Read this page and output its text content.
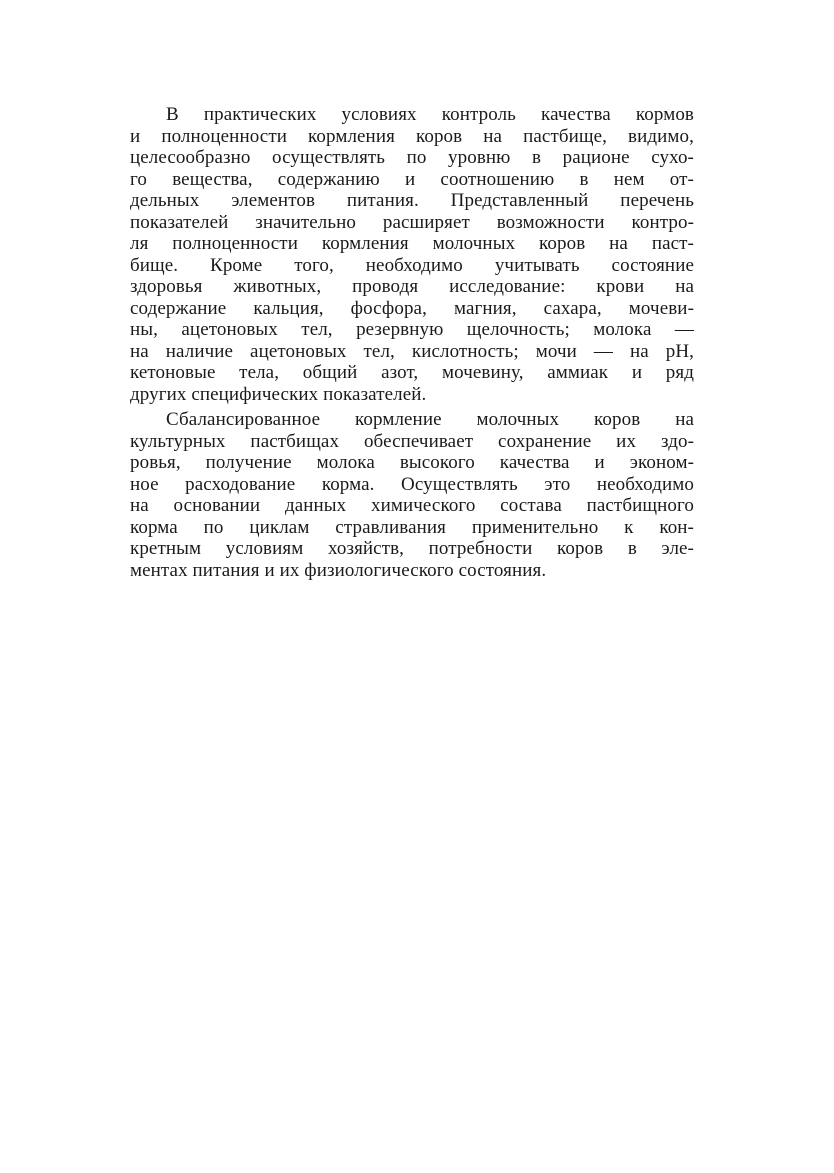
В практических условиях контроль качества кормов
и полноценности кормления коров на пастбище, видимо,
целесообразно осуществлять по уровню в рационе сухо-
го вещества, содержанию и соотношению в нем от-
дельных элементов питания. Представленный перечень
показателей значительно расширяет возможности контро-
ля полноценности кормления молочных коров на паст-
бище. Кроме того, необходимо учитывать состояние
здоровья животных, проводя исследование: крови на
содержание кальция, фосфора, магния, сахара, мочеви-
ны, ацетоновых тел, резервную щелочность; молока —
на наличие ацетоновых тел, кислотность; мочи — на pH,
кетоновые тела, общий азот, мочевину, аммиак и ряд
других специфических показателей.
Сбалансированное кормление молочных коров на
культурных пастбищах обеспечивает сохранение их здо-
ровья, получение молока высокого качества и эконом-
ное расходование корма. Осуществлять это необходимо
на основании данных химического состава пастбищного
корма по циклам стравливания применительно к кон-
кретным условиям хозяйств, потребности коров в эле-
ментах питания и их физиологического состояния.
